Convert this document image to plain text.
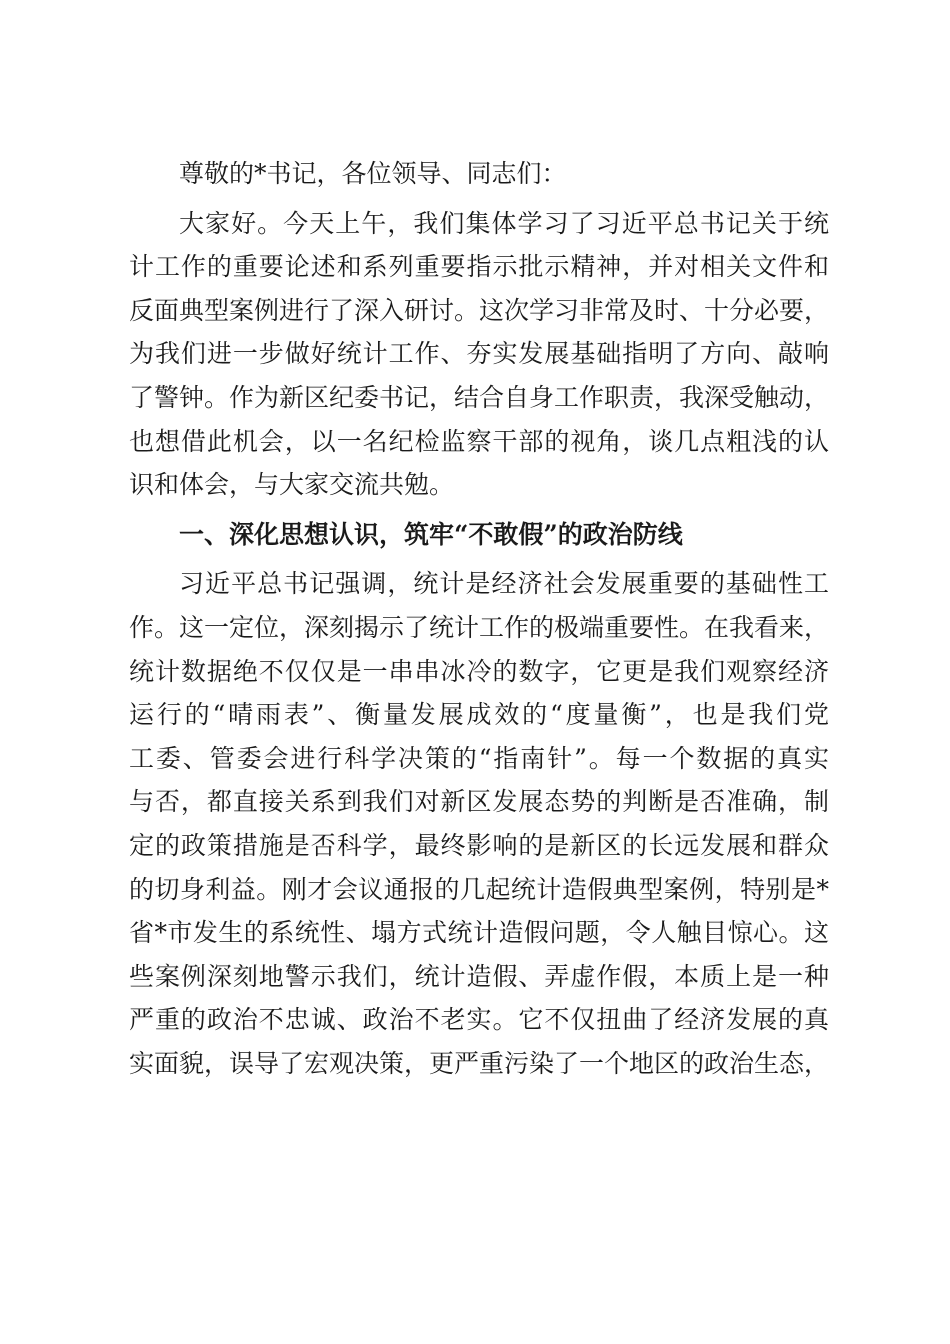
尊敬的*书记，各位领导、同志们：
大家好。今天上午，我们集体学习了习近平总书记关于统
计工作的重要论述和系列重要指示批示精神，并对相关文件和
反面典型案例进行了深入研讨。这次学习非常及时、十分必要，
为我们进一步做好统计工作、夯实发展基础指明了方向、敲响
了警钟。作为新区纪委书记，结合自身工作职责，我深受触动，
也想借此机会，以一名纪检监察干部的视角，谈几点粗浅的认
识和体会，与大家交流共勉。
一、深化思想认识，筑牢“不敢假”的政治防线
习近平总书记强调，统计是经济社会发展重要的基础性工
作。这一定位，深刻揭示了统计工作的极端重要性。在我看来，
统计数据绝不仅仅是一串串冰冷的数字，它更是我们观察经济
运行的“晴雨表”、衡量发展成效的“度量衡”，也是我们党
工委、管委会进行科学决策的“指南针”。每一个数据的真实
与否，都直接关系到我们对新区发展态势的判断是否准确，制
定的政策措施是否科学，最终影响的是新区的长远发展和群众
的切身利益。刚才会议通报的几起统计造假典型案例，特别是*
省*市发生的系统性、塌方式统计造假问题，令人触目惊心。这
些案例深刻地警示我们，统计造假、弄虚作假，本质上是一种
严重的政治不忠诚、政治不老实。它不仅扭曲了经济发展的真
实面貌，误导了宏观决策，更严重污染了一个地区的政治生态，
